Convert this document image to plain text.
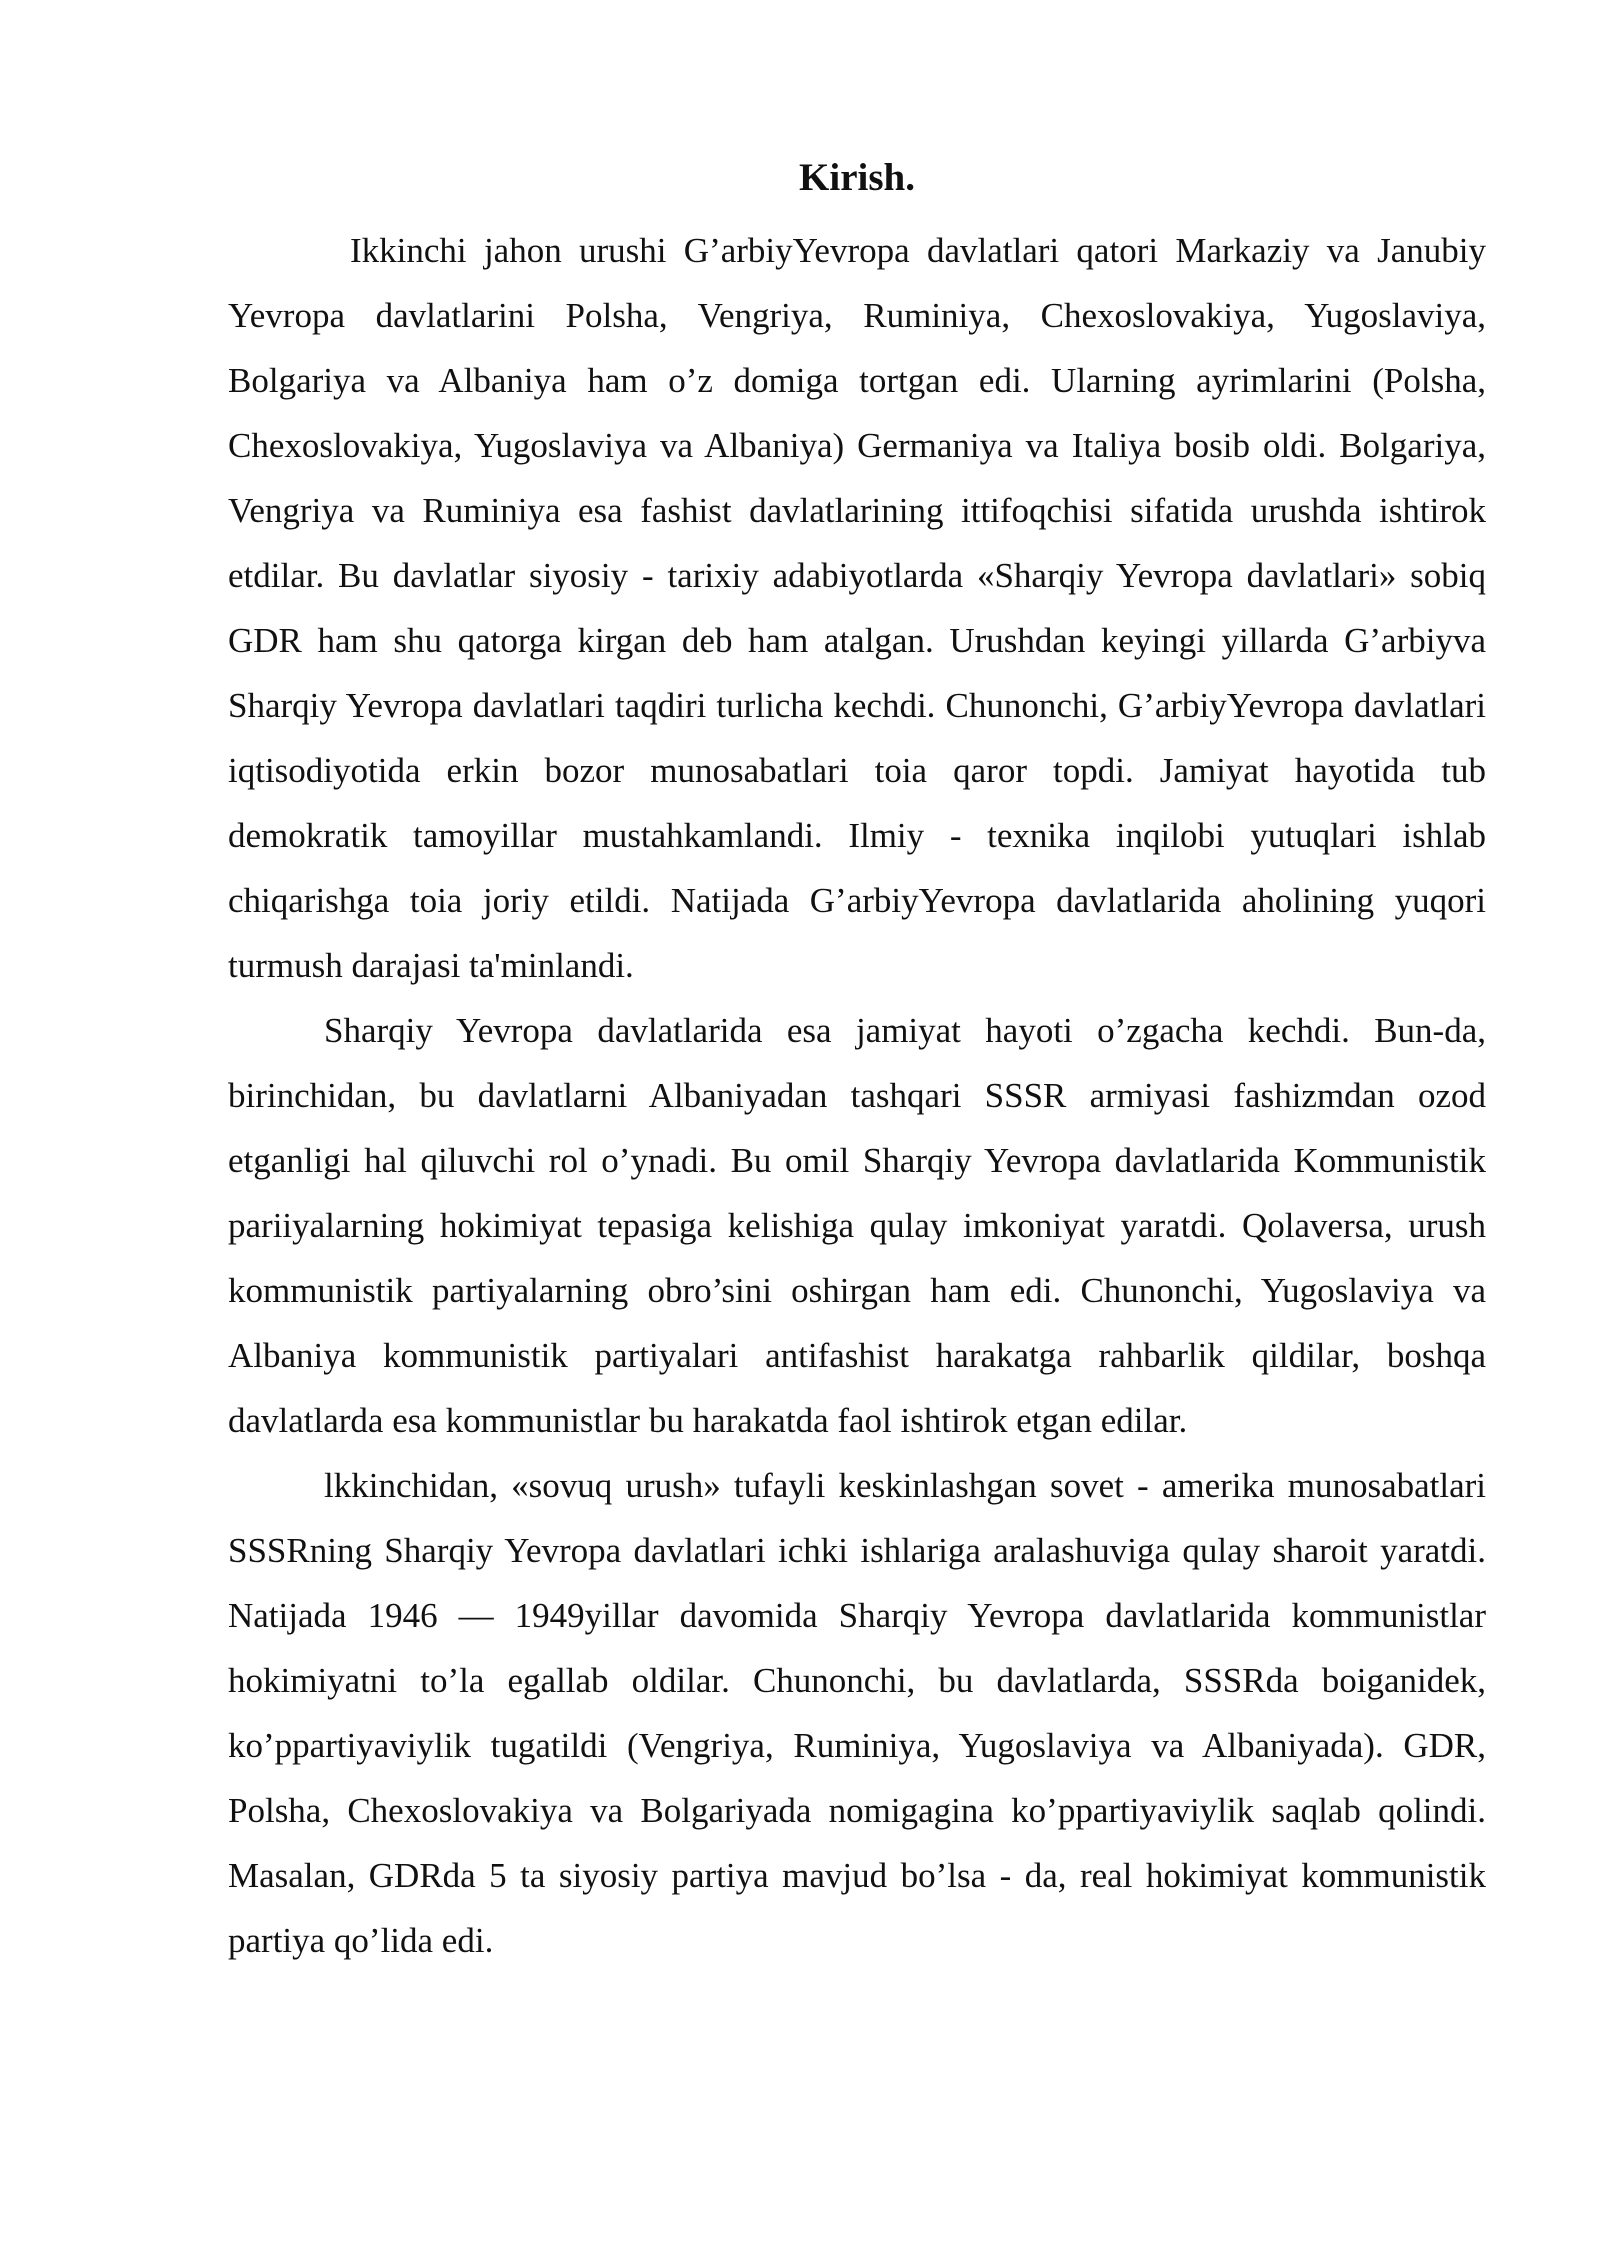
Kirish.

Ikkinchi jahon urushi G’arbiyYevropa davlatlari qatori Markaziy va Janubiy Yevropa davlatlarini Polsha, Vengriya, Ruminiya, Chexoslovakiya, Yugoslaviya, Bolgariya va Albaniya ham o’z domiga tortgan edi. Ularning ayrimlarini (Polsha, Chexoslovakiya, Yugoslaviya va Albaniya) Germaniya va Italiya bosib oldi. Bolgariya, Vengriya va Ruminiya esa fashist davlatlarining ittifoqchisi sifatida urushda ishtirok etdilar. Bu davlatlar siyosiy - tarixiy adabiyotlarda «Sharqiy Yevropa davlatlari» sobiq GDR ham shu qatorga kirgan deb ham atalgan. Urushdan keyingi yillarda G’arbiyva Sharqiy Yevropa davlatlari taqdiri turlicha kechdi. Chunonchi, G’arbiyYevropa davlatlari iqtisodiyotida erkin bozor munosabatlari toia qaror topdi. Jamiyat hayotida tub demokratik tamoyillar mustahkamlandi. Ilmiy - texnika inqilobi yutuqlari ishlab chiqarishga toia joriy etildi. Natijada G’arbiyYevropa davlatlarida aholining yuqori turmush darajasi ta'minlandi.

Sharqiy Yevropa davlatlarida esa jamiyat hayoti o’zgacha kechdi. Bun-da, birinchidan, bu davlatlarni Albaniyadan tashqari SSSR armiyasi fashizmdan ozod etganligi hal qiluvchi rol o’ynadi. Bu omil Sharqiy Yevropa davlatlarida Kommunistik pariiyalarning hokimiyat tepasiga kelishiga qulay imkoniyat yaratdi. Qolaversa, urush kommunistik partiyalarning obro’sini oshirgan ham edi. Chunonchi, Yugoslaviya va Albaniya kommunistik partiyalari antifashist harakatga rahbarlik qildilar, boshqa davlatlarda esa kommunistlar bu harakatda faol ishtirok etgan edilar.

lkkinchidan, «sovuq urush» tufayli keskinlashgan sovet - amerika munosabatlari SSSRning Sharqiy Yevropa davlatlari ichki ishlariga aralashuviga qulay sharoit yaratdi. Natijada 1946 — 1949yillar davomida Sharqiy Yevropa davlatlarida kommunistlar hokimiyatni to’la egallab oldilar. Chunonchi, bu davlatlarda, SSSRda boiganidek, ko’ppartiyaviylik tugatildi (Vengriya, Ruminiya, Yugoslaviya va Albaniyada). GDR, Polsha, Chexoslovakiya va Bolgariyada nomigagina ko’ppartiyaviylik saqlab qolindi. Masalan, GDRda 5 ta siyosiy partiya mavjud bo’lsa - da, real hokimiyat kommunistik partiya qo’lida edi.
